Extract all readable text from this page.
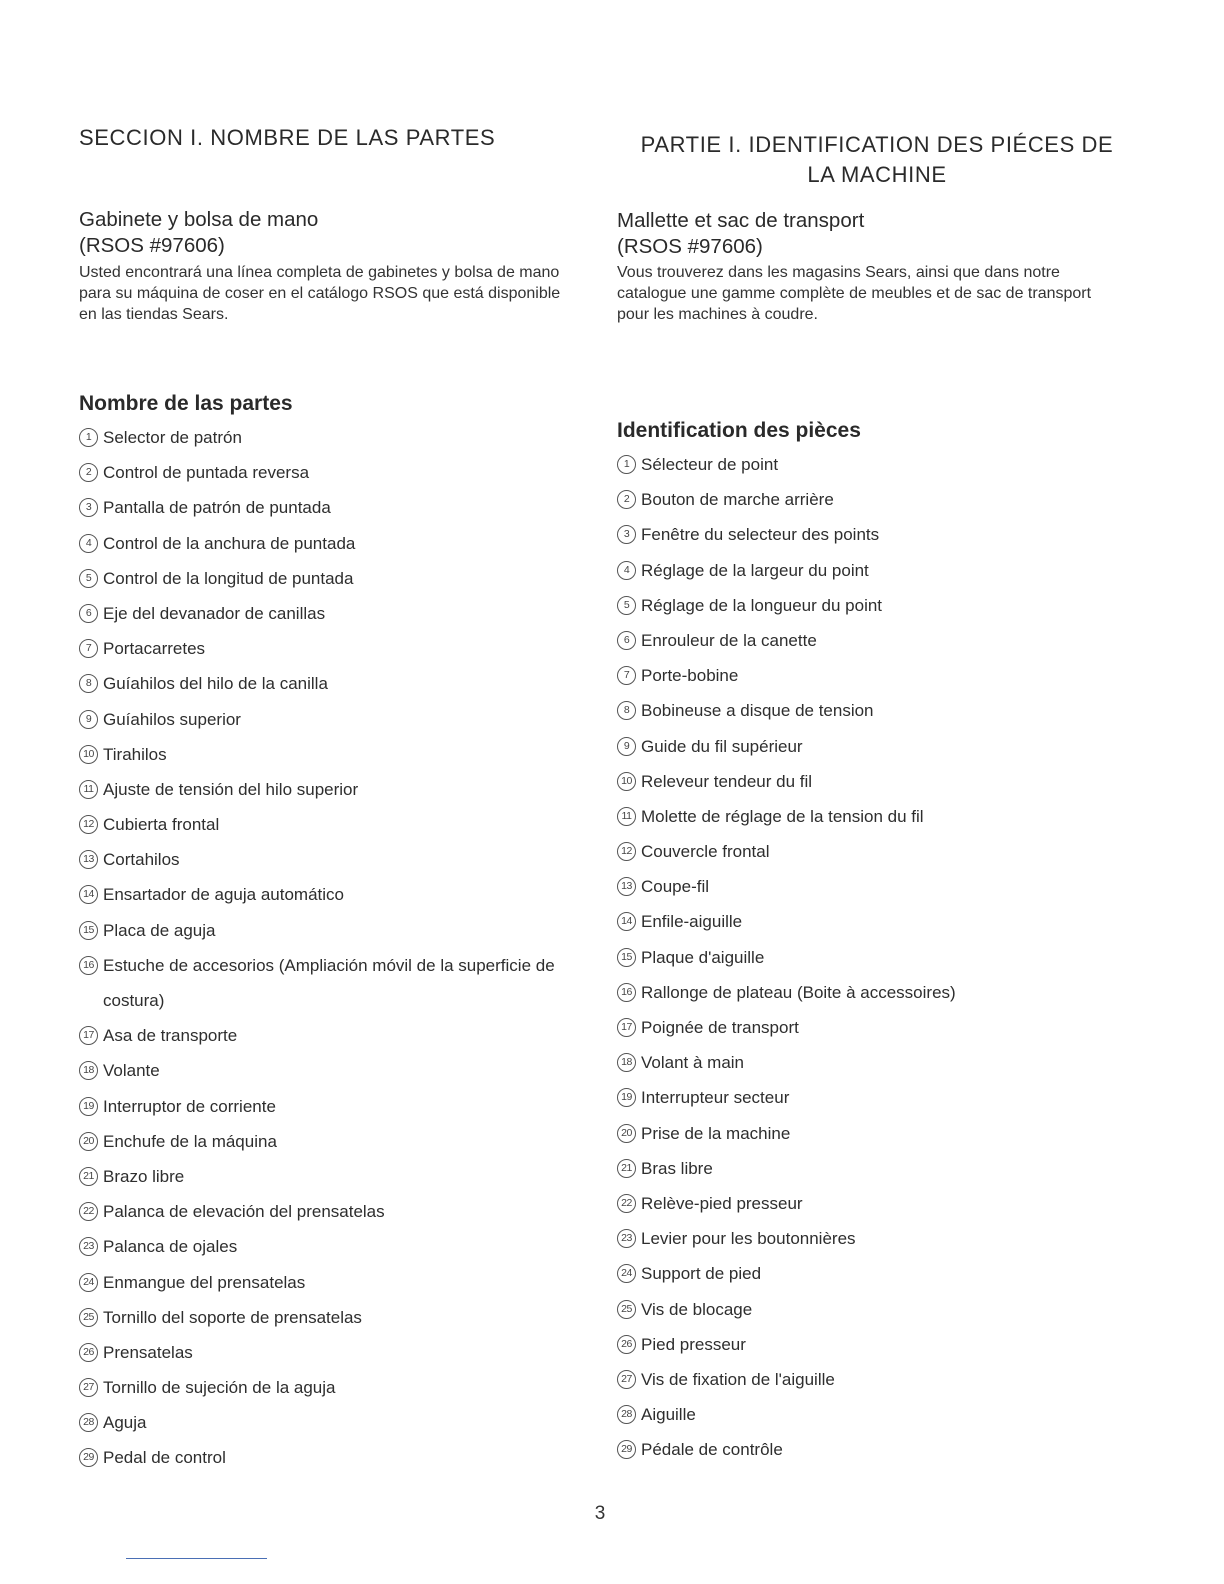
SECCION I. NOMBRE DE LAS PARTES
Gabinete y bolsa de mano
(RSOS #97606)
Usted encontrará una línea completa de gabinetes y bolsa de mano para su máquina de coser en el catálogo RSOS que está disponible en las tiendas Sears.
Nombre de las partes
1 Selector de patrón
2 Control de puntada reversa
3 Pantalla de patrón de puntada
4 Control de la anchura de puntada
5 Control de la longitud de puntada
6 Eje del devanador de canillas
7 Portacarretes
8 Guíahilos del hilo de la canilla
9 Guíahilos superior
10 Tirahilos
11 Ajuste de tensión del hilo superior
12 Cubierta frontal
13 Cortahilos
14 Ensartador de aguja automático
15 Placa de aguja
16 Estuche de accesorios (Ampliación móvil de la superficie de costura)
17 Asa de transporte
18 Volante
19 Interruptor de corriente
20 Enchufe de la máquina
21 Brazo libre
22 Palanca de elevación del prensatelas
23 Palanca de ojales
24 Enmangue del prensatelas
25 Tornillo del soporte de prensatelas
26 Prensatelas
27 Tornillo de sujeción de la aguja
28 Aguja
29 Pedal de control
PARTIE I. IDENTIFICATION DES PIÉCES DE
LA MACHINE
Mallette et sac de transport
(RSOS #97606)
Vous trouverez dans les magasins Sears, ainsi que dans notre catalogue une gamme complète de meubles et de sac de transport pour les machines à coudre.
Identification des pièces
1 Sélecteur de point
2 Bouton de marche arrière
3 Fenêtre du selecteur des points
4 Réglage de la largeur du point
5 Réglage de la longueur du point
6 Enrouleur de la canette
7 Porte-bobine
8 Bobineuse a disque de tension
9 Guide du fil supérieur
10 Releveur tendeur du fil
11 Molette de réglage de la tension du fil
12 Couvercle frontal
13 Coupe-fil
14 Enfile-aiguille
15 Plaque d'aiguille
16 Rallonge de plateau (Boite à accessoires)
17 Poignée de transport
18 Volant à main
19 Interrupteur secteur
20 Prise de la machine
21 Bras libre
22 Relève-pied presseur
23 Levier pour les boutonnières
24 Support de pied
25 Vis de blocage
26 Pied presseur
27 Vis de fixation de l'aiguille
28 Aiguille
29 Pédale de contrôle
3
